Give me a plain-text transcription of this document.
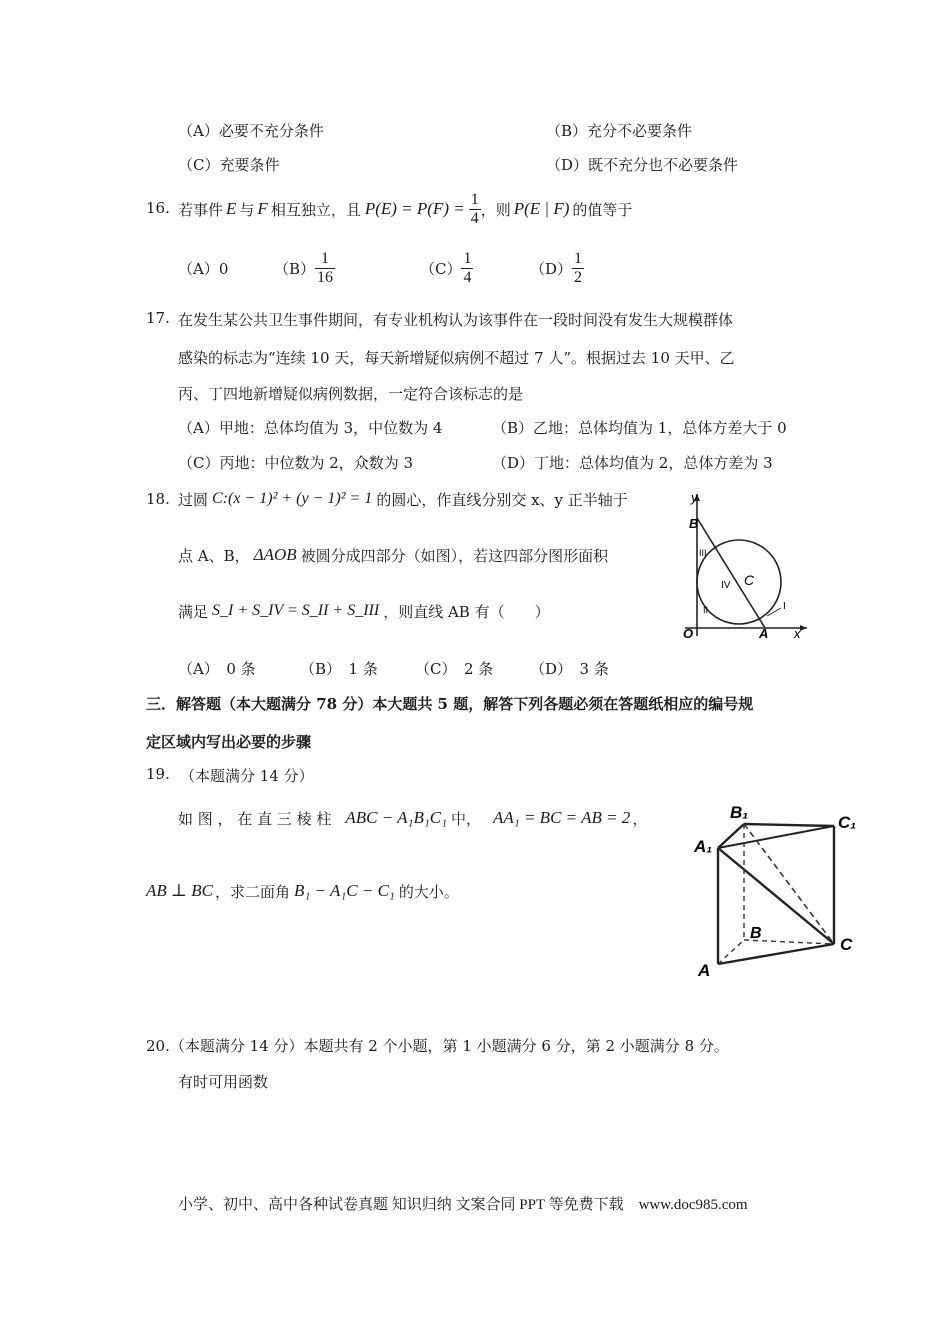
（A）必要不充分条件	（B）充分不必要条件
（C）充要条件	（D）既不充分也不必要条件
16. 若事件 E 与 F 相互独立，且 $P(E) = P(F) = \frac{1}{4}$ ，则 P(E | F) 的值等于
（A）0	$(B) \frac{1}{16}$	$(C) \frac{1}{4}$	$(D) \frac{1}{2}$
17. 在发生某公共卫生事件期间，有专业机构认为该事件在一段时间没有发生大规模群体
感染的标志为“连续 10 天，每天新增疑似病例不超过 7 人”。根据过去 10 天甲、乙
丙、丁四地新增疑似病例数据，一定符合该标志的是
（A）甲地：总体均值为 3，中位数为 4	（B）乙地：总体均值为 1，总体方差大于 0
（C）丙地：中位数为 2，众数为 3	（D）丁地：总体均值为 2，总体方差为 3
18. 过圆 C:(x − 1)² + (y − 1)² = 1 的圆心，作直线分别交 x、y 正半轴于
点 A、B， ΔAOB 被圆分成四部分（如图），若这四部分图形面积
满足 S_I + S_IV = S_II + S_III ，则直线 AB 有（　　）
（A）　0 条	（B）　1 条 （C）　2 条 （D）　3 条
y
B
III
IV C
II	I
O	A x
三．解答题（本大题满分 78 分）本大题共 5 题，解答下列各题必须在答题纸相应的编号规
定区域内写出必要的步骤
19. （本题满分 14 分）
如 图 ， 在 直 三 棱 柱 ABC − A₁B₁C₁ 中， AA₁ = BC = AB = 2 ，
AB ⊥ BC ，求二面角 B₁ − A₁C − C₁ 的大小。
B₁
C₁
A₁
B
C
A
20.（本题满分 14 分）本题共有 2 个小题，第 1 小题满分 6 分，第 2 小题满分 8 分。
有时可用函数
小学、初中、高中各种试卷真题 知识归纳 文案合同 PPT 等免费下载　www.doc985.com
